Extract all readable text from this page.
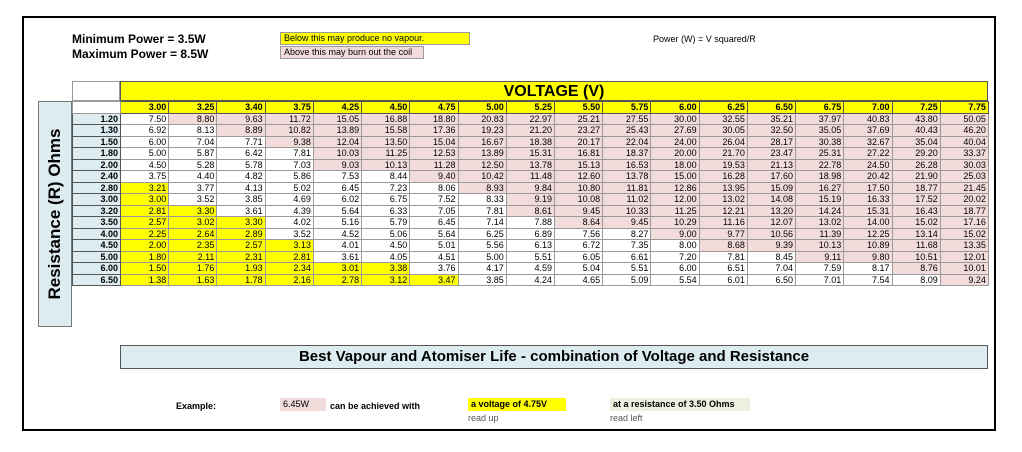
Minimum Power = 3.5W
Maximum Power = 8.5W
Below this may produce no vapour.
Above this may burn out the coil
Power (W) = V squared/R
VOLTAGE (V)
Resistance (R) Ohms
	3.00	3.25	3.40	3.75	4.25	4.50	4.75	5.00	5.25	5.50	5.75	6.00	6.25	6.50	6.75	7.00	7.25	7.75
1.20	7.50	8.80	9.63	11.72	15.05	16.88	18.80	20.83	22.97	25.21	27.55	30.00	32.55	35.21	37.97	40.83	43.80	50.05
1.30	6.92	8.13	8.89	10.82	13.89	15.58	17.36	19.23	21.20	23.27	25.43	27.69	30.05	32.50	35.05	37.69	40.43	46.20
1.50	6.00	7.04	7.71	9.38	12.04	13.50	15.04	16.67	18.38	20.17	22.04	24.00	26.04	28.17	30.38	32.67	35.04	40.04
1.80	5.00	5.87	6.42	7.81	10.03	11.25	12.53	13.89	15.31	16.81	18.37	20.00	21.70	23.47	25.31	27.22	29.20	33.37
2.00	4.50	5.28	5.78	7.03	9.03	10.13	11.28	12.50	13.78	15.13	16.53	18.00	19.53	21.13	22.78	24.50	26.28	30.03
2.40	3.75	4.40	4.82	5.86	7.53	8.44	9.40	10.42	11.48	12.60	13.78	15.00	16.28	17.60	18.98	20.42	21.90	25.03
2.80	3.21	3.77	4.13	5.02	6.45	7.23	8.06	8.93	9.84	10.80	11.81	12.86	13.95	15.09	16.27	17.50	18.77	21.45
3.00	3.00	3.52	3.85	4.69	6.02	6.75	7.52	8.33	9.19	10.08	11.02	12.00	13.02	14.08	15.19	16.33	17.52	20.02
3.20	2.81	3.30	3.61	4.39	5.64	6.33	7.05	7.81	8.61	9.45	10.33	11.25	12.21	13.20	14.24	15.31	16.43	18.77
3.50	2.57	3.02	3.30	4.02	5.16	5.79	6.45	7.14	7.88	8.64	9.45	10.29	11.16	12.07	13.02	14.00	15.02	17.16
4.00	2.25	2.64	2.89	3.52	4.52	5.06	5.64	6.25	6.89	7.56	8.27	9.00	9.77	10.56	11.39	12.25	13.14	15.02
4.50	2.00	2.35	2.57	3.13	4.01	4.50	5.01	5.56	6.13	6.72	7.35	8.00	8.68	9.39	10.13	10.89	11.68	13.35
5.00	1.80	2.11	2.31	2.81	3.61	4.05	4.51	5.00	5.51	6.05	6.61	7.20	7.81	8.45	9.11	9.80	10.51	12.01
6.00	1.50	1.76	1.93	2.34	3.01	3.38	3.76	4.17	4.59	5.04	5.51	6.00	6.51	7.04	7.59	8.17	8.76	10.01
6.50	1.38	1.63	1.78	2.16	2.78	3.12	3.47	3.85	4.24	4.65	5.09	5.54	6.01	6.50	7.01	7.54	8.09	9.24
Best Vapour and Atomiser Life - combination of Voltage and Resistance
Example:	6.45W	can be achieved with	a voltage of 4.75V
read up
at a resistance of 3.50 Ohms
read left
